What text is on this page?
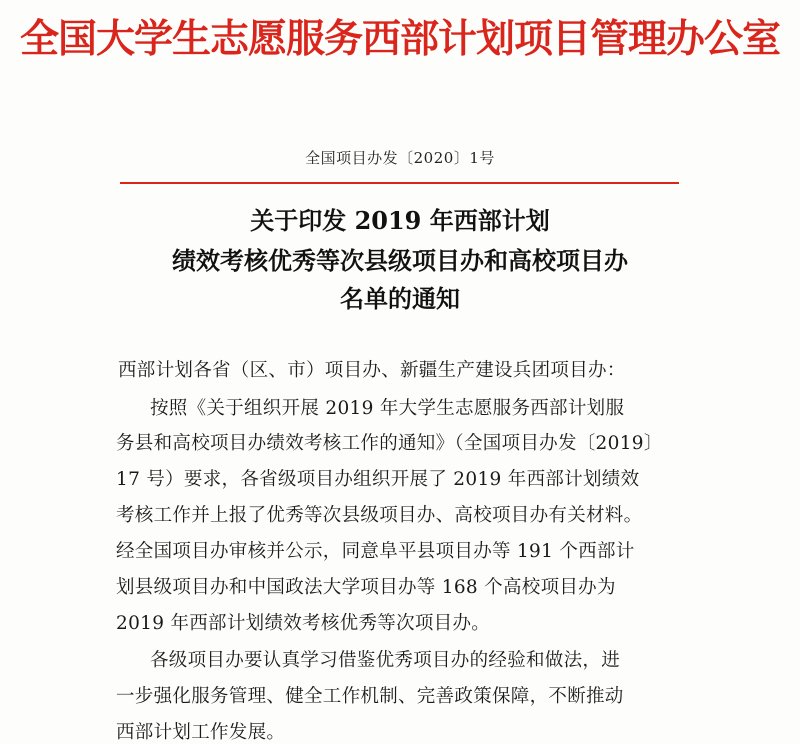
全国大学生志愿服务西部计划项目管理办公室
全国项目办发〔2020〕1号
关于印发 2019 年西部计划
绩效考核优秀等次县级项目办和高校项目办
名单的通知
西部计划各省（区、市）项目办、新疆生产建设兵团项目办：
按照《关于组织开展 2019 年大学生志愿服务西部计划服
务县和高校项目办绩效考核工作的通知》（全国项目办发〔2019〕
17 号）要求，各省级项目办组织开展了 2019 年西部计划绩效
考核工作并上报了优秀等次县级项目办、高校项目办有关材料。
经全国项目办审核并公示，同意阜平县项目办等 191 个西部计
划县级项目办和中国政法大学项目办等 168 个高校项目办为
2019 年西部计划绩效考核优秀等次项目办。
各级项目办要认真学习借鉴优秀项目办的经验和做法，进
一步强化服务管理、健全工作机制、完善政策保障，不断推动
西部计划工作发展。
